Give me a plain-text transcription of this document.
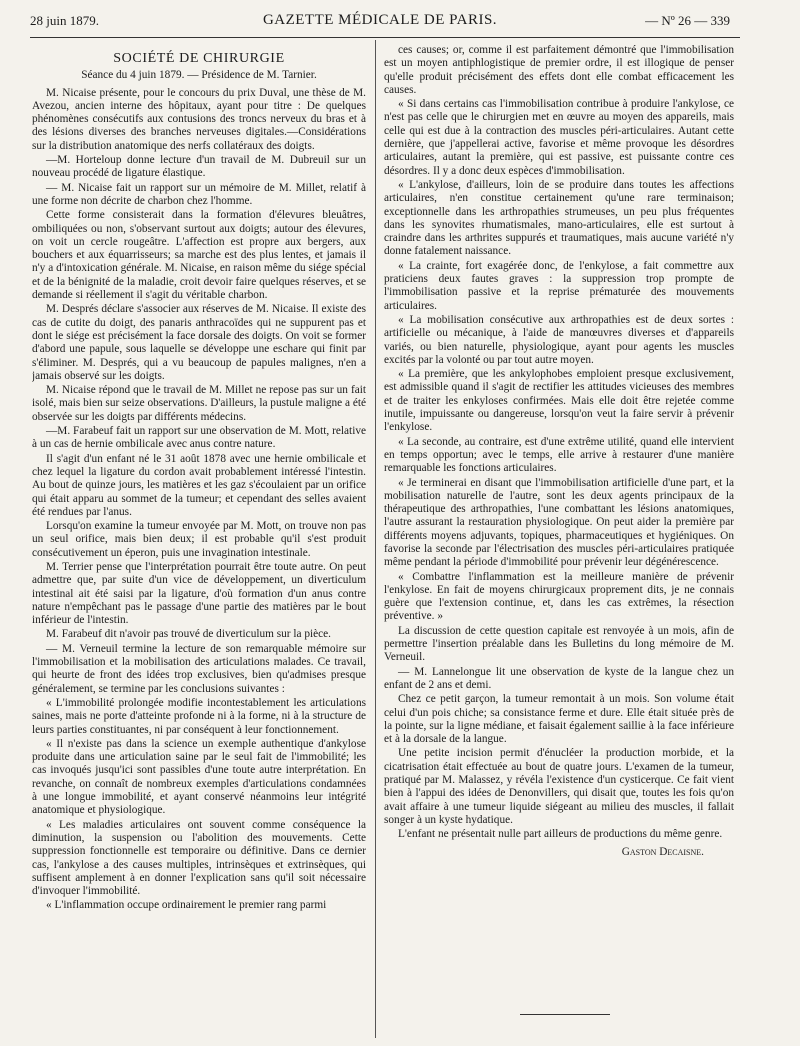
28 juin 1879.	GAZETTE MÉDICALE DE PARIS.	— Nº 26 — 339
SOCIÉTÉ DE CHIRURGIE
Séance du 4 juin 1879. — Présidence de M. Tarnier.

M. Nicaise présente, pour le concours du prix Duval, une thèse de M. Avezou, ancien interne des hôpitaux, ayant pour titre : De quelques phénomènes consécutifs aux contusions des troncs nerveux du bras et à des lésions diverses des branches nerveuses digitales.—Considérations sur la distribution anatomique des nerfs collatéraux des doigts.

—M. Horteloup donne lecture d'un travail de M. Dubreuil sur un nouveau procédé de ligature élastique.

— M. Nicaise fait un rapport sur un mémoire de M. Millet, relatif à une forme non décrite de charbon chez l'homme.

Cette forme consisterait dans la formation d'élevures bleuâtres, ombiliquées ou non, s'observant surtout aux doigts; autour des élevures, on voit un cercle rougeâtre. L'affection est propre aux bergers, aux bouchers et aux équarrisseurs; sa marche est des plus lentes, et jamais il n'y a d'intoxication générale. M. Nicaise, en raison même du siége spécial et de la bénignité de la maladie, croit devoir faire quelques réserves, et se demande si réellement il s'agit du véritable charbon.

M. Després déclare s'associer aux réserves de M. Nicaise. Il existe des cas de cutite du doigt, des panaris anthracoïdes qui ne suppurent pas et dont le siége est précisément la face dorsale des doigts. On voit se former d'abord une papule, sous laquelle se développe une eschare qui finit par s'éliminer. M. Després, qui a vu beaucoup de papules malignes, n'en a jamais observé sur les doigts.

M. Nicaise répond que le travail de M. Millet ne repose pas sur un fait isolé, mais bien sur seize observations. D'ailleurs, la pustule maligne a été observée sur les doigts par différents médecins.

—M. Farabeuf fait un rapport sur une observation de M. Mott, relative à un cas de hernie ombilicale avec anus contre nature.

Il s'agit d'un enfant né le 31 août 1878 avec une hernie ombilicale et chez lequel la ligature du cordon avait probablement intéressé l'intestin. Au bout de quinze jours, les matières et les gaz s'écoulaient par un orifice qui était apparu au sommet de la tumeur; et cependant des selles avaient été rendues par l'anus.

Lorsqu'on examine la tumeur envoyée par M. Mott, on trouve non pas un seul orifice, mais bien deux; il est probable qu'il s'est produit consécutivement un éperon, puis une invagination intestinale.

M. Terrier pense que l'interprétation pourrait être toute autre. On peut admettre que, par suite d'un vice de développement, un diverticulum intestinal ait été saisi par la ligature, d'où formation d'un anus contre nature n'empêchant pas le passage d'une partie des matières par le bout inférieur de l'intestin.

M. Farabeuf dit n'avoir pas trouvé de diverticulum sur la pièce.

— M. Verneuil termine la lecture de son remarquable mémoire sur l'immobilisation et la mobilisation des articulations malades. Ce travail, qui heurte de front des idées trop exclusives, bien qu'admises presque généralement, se termine par les conclusions suivantes :

« L'immobilité prolongée modifie incontestablement les articulations saines, mais ne porte d'atteinte profonde ni à la forme, ni à la structure de leurs parties constituantes, ni par conséquent à leur fonctionnement.

« Il n'existe pas dans la science un exemple authentique d'ankylose produite dans une articulation saine par le seul fait de l'immobilité; les cas invoqués jusqu'ici sont passibles d'une toute autre interprétation. En revanche, on connaît de nombreux exemples d'articulations condamnées à une longue immobilité, et ayant conservé néanmoins leur intégrité anatomique et physiologique.

« Les maladies articulaires ont souvent comme conséquence la diminution, la suspension ou l'abolition des mouvements. Cette suppression fonctionnelle est temporaire ou définitive. Dans ce dernier cas, l'ankylose a des causes multiples, intrinsèques et extrinsèques, qui suffisent amplement à en donner l'explication sans qu'il soit nécessaire d'invoquer l'immobilité.

« L'inflammation occupe ordinairement le premier rang parmi

ces causes; or, comme il est parfaitement démontré que l'immobilisation est un moyen antiphlogistique de premier ordre, il est illogique de penser qu'elle produit précisément des effets dont elle combat efficacement les causes.

« Si dans certains cas l'immobilisation contribue à produire l'ankylose, ce n'est pas celle que le chirurgien met en œuvre au moyen des appareils, mais celle qui est due à la contraction des muscles péri-articulaires. Autant cette dernière, que j'appellerai active, favorise et même provoque les désordres articulaires, autant la première, qui est passive, est puissante contre ces désordres. Il y a donc deux espèces d'immobilisation.

« L'ankylose, d'ailleurs, loin de se produire dans toutes les affections articulaires, n'en constitue certainement qu'une rare terminaison; exceptionnelle dans les arthropathies strumeuses, un peu plus fréquentes dans les synovites rhumatismales, mano-articulaires, elle est surtout à craindre dans les arthrites suppurés et traumatiques, mais aucune variété n'y donne fatalement naissance.

« La crainte, fort exagérée donc, de l'enkylose, a fait commettre aux praticiens deux fautes graves : la suppression trop prompte de l'immobilisation passive et la reprise prématurée des mouvements articulaires.

« La mobilisation consécutive aux arthropathies est de deux sortes : artificielle ou mécanique, à l'aide de manœuvres diverses et d'appareils variés, ou bien naturelle, physiologique, ayant pour agents les muscles excités par la volonté ou par tout autre moyen.

« La première, que les ankylophobes emploient presque exclusivement, est admissible quand il s'agit de rectifier les attitudes vicieuses des membres et de traiter les enkyloses confirmées. Mais elle doit être rejetée comme inutile, impuissante ou dangereuse, lorsqu'on veut la faire servir à prévenir l'enkylose.

« La seconde, au contraire, est d'une extrême utilité, quand elle intervient en temps opportun; avec le temps, elle arrive à restaurer d'une manière remarquable les fonctions articulaires.

« Je terminerai en disant que l'immobilisation artificielle d'une part, et la mobilisation naturelle de l'autre, sont les deux agents principaux de la thérapeutique des arthropathies, l'une combattant les lésions anatomiques, l'autre assurant la restauration physiologique. On peut aider la première par différents moyens adjuvants, topiques, pharmaceutiques et hygiéniques. On favorise la seconde par l'électrisation des muscles péri-articulaires pratiquée même pendant la période d'immobilité pour prévenir leur dégénérescence.

« Combattre l'inflammation est la meilleure manière de prévenir l'enkylose. En fait de moyens chirurgicaux proprement dits, je ne connais guère que l'extension continue, et, dans les cas extrêmes, la résection préventive. »

La discussion de cette question capitale est renvoyée à un mois, afin de permettre l'insertion préalable dans les Bulletins du long mémoire de M. Verneuil.

— M. Lannelongue lit une observation de kyste de la langue chez un enfant de 2 ans et demi.

Chez ce petit garçon, la tumeur remontait à un mois. Son volume était celui d'un pois chiche; sa consistance ferme et dure. Elle était située près de la pointe, sur la ligne médiane, et faisait également saillie à la face inférieure et à la dorsale de la langue.

Une petite incision permit d'énucléer la production morbide, et la cicatrisation était effectuée au bout de quatre jours. L'examen de la tumeur, pratiqué par M. Malassez, y révéla l'existence d'un cysticerque. Ce fait vient bien à l'appui des idées de Denonvillers, qui disait que, toutes les fois qu'on avait affaire à une tumeur liquide siégeant au milieu des muscles, il fallait songer à un kyste hydatique.

L'enfant ne présentait nulle part ailleurs de productions du même genre.

Gaston Decaisne.
